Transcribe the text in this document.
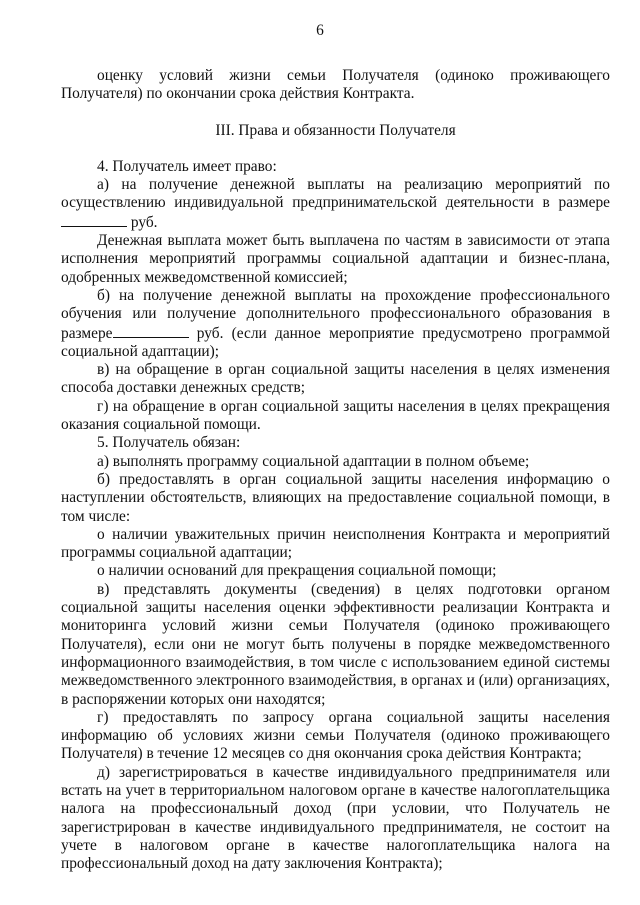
6

оценку условий жизни семьи Получателя (одиноко проживающего Получателя) по окончании срока действия Контракта.

III. Права и обязанности Получателя

4. Получатель имеет право:

а) на получение денежной выплаты на реализацию мероприятий по осуществлению индивидуальной предпринимательской деятельности в размере руб.

Денежная выплата может быть выплачена по частям в зависимости от этапа исполнения мероприятий программы социальной адаптации и бизнес-плана, одобренных межведомственной комиссией;

б) на получение денежной выплаты на прохождение профессионального обучения или получение дополнительного профессионального образования в размере	руб. (если данное мероприятие предусмотрено программой социальной адаптации);

в) на обращение в орган социальной защиты населения в целях изменения способа доставки денежных средств;

г) на обращение в орган социальной защиты населения в целях прекращения оказания социальной помощи.

5. Получатель обязан:

а) выполнять программу социальной адаптации в полном объеме;

б) предоставлять в орган социальной защиты населения информацию о наступлении обстоятельств, влияющих на предоставление социальной помощи, в том числе:

о наличии уважительных причин неисполнения Контракта и мероприятий программы социальной адаптации;

о наличии оснований для прекращения социальной помощи;

в) представлять документы (сведения) в целях подготовки органом социальной защиты населения оценки эффективности реализации Контракта и мониторинга условий жизни семьи Получателя (одиноко проживающего Получателя), если они не могут быть получены в порядке межведомственного информационного взаимодействия, в том числе с использованием единой системы межведомственного электронного взаимодействия, в органах и (или) организациях, в распоряжении которых они находятся;

г) предоставлять по запросу органа социальной защиты населения информацию об условиях жизни семьи Получателя (одиноко проживающего Получателя) в течение 12 месяцев со дня окончания срока действия Контракта;

д) зарегистрироваться в качестве индивидуального предпринимателя или встать на учет в территориальном налоговом органе в качестве налогоплательщика налога на профессиональный доход (при условии, что Получатель не зарегистрирован в качестве индивидуального предпринимателя, не состоит на учете в налоговом органе в качестве налогоплательщика налога на профессиональный доход на дату заключения Контракта);
